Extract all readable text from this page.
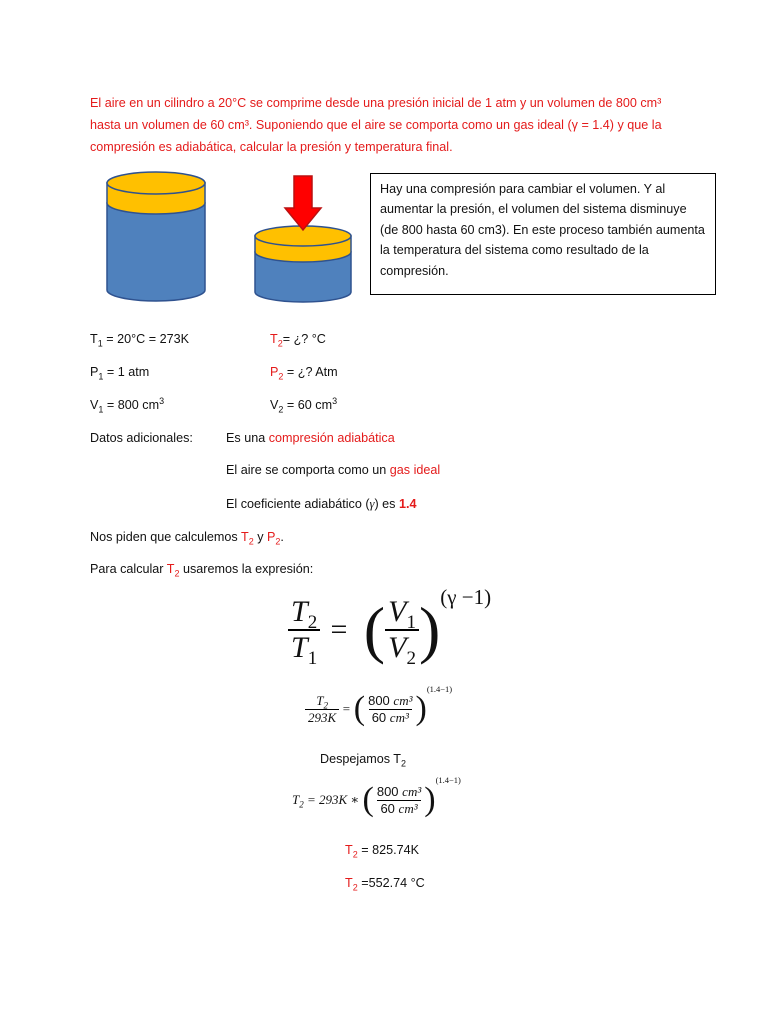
El aire en un cilindro a 20°C se comprime desde una presión inicial de 1 atm y un volumen de 800 cm³
hasta un volumen de 60 cm³. Suponiendo que el aire se comporta como un gas ideal (γ = 1.4) y que la
compresión es adiabática, calcular la presión y temperatura final.
Hay una compresión para cambiar el volumen. Y al aumentar la presión, el volumen del sistema disminuye (de 800 hasta 60 cm3). En este proceso también aumenta la temperatura del sistema como resultado de la compresión.
$T_1 = 20^\circ C = 273K$	$T_2=$ ¿? °C
$P_1 = 1$ atm	$P_2$ = ¿? Atm
$V_1 = 800$ $cm^3$	$V_2 = 60$ $cm^3$
Datos adicionales:	Es una compresión adiabática
El aire se comporta como un gas ideal
El coeficiente adiabático (γ) es 1.4
Nos piden que calculemos $T_2$ y $P_2$.
Para calcular $T_2$ usaremos la expresión:
$\frac{T_2}{T_1}$ = ( $\frac{V_1}{V_2} )^{(\gamma -1)}$
$\frac{T_2}{293K}$ = ( $\frac{\text{800 cm³}}{\text{60 cm³}} )^{(1.4-1)}$
Despejamos $T_2$
$T_2 = 293K$ ∗ ( $\frac{\text{800 cm³}}{\text{60 cm³}} )^{(1.4-1)}$
$T_2 = 825.74K$
$T_2 =552.74$ °C
